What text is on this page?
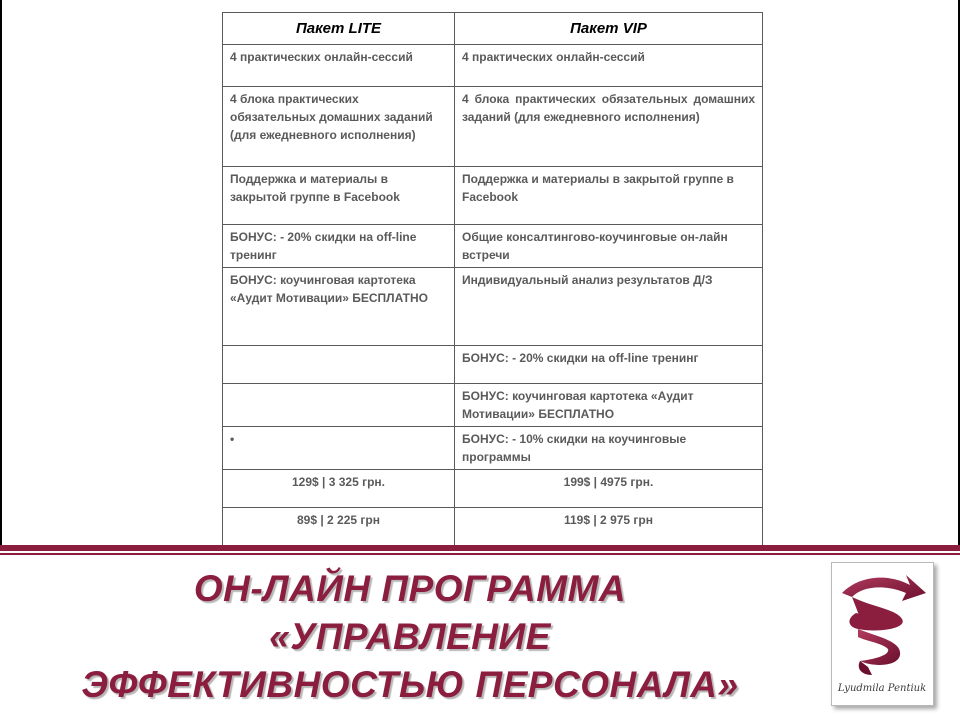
Пакет LITE	Пакет VIP
4 практических онлайн-сессий	4 практических онлайн-сессий
4 блока практических обязательных домашних заданий (для ежедневного исполнения)	4 блока практических обязательных домашних заданий (для ежедневного исполнения)
Поддержка и материалы в закрытой группе в Facebook	Поддержка и материалы в закрытой группе в Facebook
БОНУС: - 20% скидки на off-line тренинг	Общие консалтинговo-коучинговые он-лайн встречи
БОНУС: коучинговая картотека «Аудит Мотивации» БЕСПЛАТНО	Индивидуальный анализ результатов Д/З
	БОНУС: - 20% скидки на off-line тренинг
	БОНУС: коучинговая картотека «Аудит Мотивации» БЕСПЛАТНО
•	БОНУС: - 10% скидки на коучинговые программы
129$ | 3 325 грн.	199$ | 4975 грн.
89$ | 2 225 грн	119$ | 2 975 грн
ОН-ЛАЙН ПРОГРАММА
«УПРАВЛЕНИЕ
ЭФФЕКТИВНОСТЬЮ ПЕРСОНАЛА»	Lyudmila Pentiuk
